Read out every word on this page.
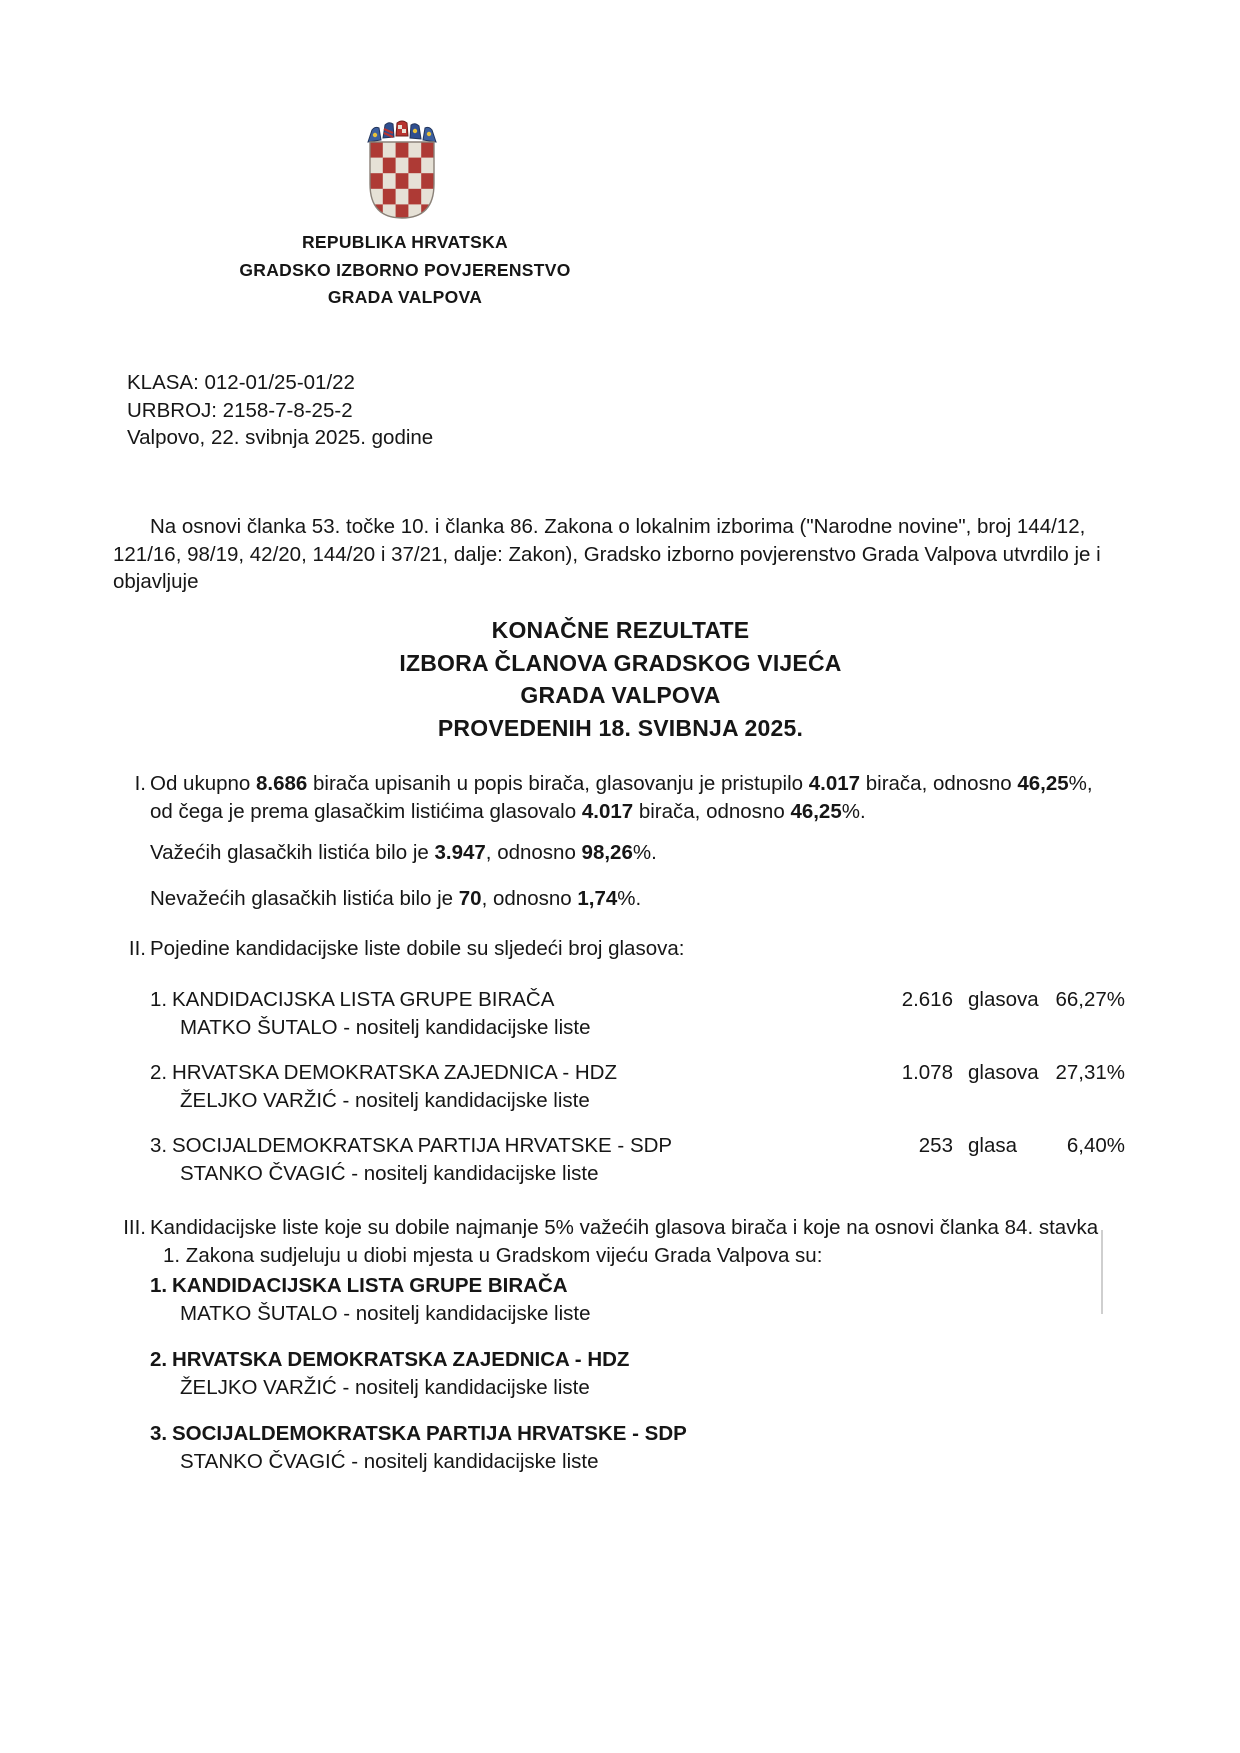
REPUBLIKA HRVATSKA
GRADSKO IZBORNO POVJERENSTVO
GRADA VALPOVA
KLASA: 012-01/25-01/22
URBROJ: 2158-7-8-25-2
Valpovo, 22. svibnja 2025. godine
Na osnovi članka 53. točke 10. i članka 86. Zakona o lokalnim izborima ("Narodne novine", broj 144/12,
121/16, 98/19, 42/20, 144/20 i 37/21, dalje: Zakon), Gradsko izborno povjerenstvo Grada Valpova utvrdilo je i
objavljuje
KONAČNE REZULTATE
IZBORA ČLANOVA GRADSKOG VIJEĆA
GRADA VALPOVA
PROVEDENIH 18. SVIBNJA 2025.
I. Od ukupno 8.686 birača upisanih u popis birača, glasovanju je pristupilo 4.017 birača, odnosno 46,25%,
od čega je prema glasačkim listićima glasovalo 4.017 birača, odnosno 46,25%.
Važećih glasačkih listića bilo je 3.947, odnosno 98,26%.
Nevažećih glasačkih listića bilo je 70, odnosno 1,74%.
II. Pojedine kandidacijske liste dobile su sljedeći broj glasova:
1. KANDIDACIJSKA LISTA GRUPE BIRAČA	2.616 glasova 66,27%
MATKO ŠUTALO - nositelj kandidacijske liste
2. HRVATSKA DEMOKRATSKA ZAJEDNICA - HDZ	1.078 glasova 27,31%
ŽELJKO VARŽIĆ - nositelj kandidacijske liste
3. SOCIJALDEMOKRATSKA PARTIJA HRVATSKE - SDP	253 glasa	6,40%
STANKO ČVAGIĆ - nositelj kandidacijske liste
III. Kandidacijske liste koje su dobile najmanje 5% važećih glasova birača i koje na osnovi članka 84. stavka
1. Zakona sudjeluju u diobi mjesta u Gradskom vijeću Grada Valpova su:
1. KANDIDACIJSKA LISTA GRUPE BIRAČA
MATKO ŠUTALO - nositelj kandidacijske liste
2. HRVATSKA DEMOKRATSKA ZAJEDNICA - HDZ
ŽELJKO VARŽIĆ - nositelj kandidacijske liste
3. SOCIJALDEMOKRATSKA PARTIJA HRVATSKE - SDP
STANKO ČVAGIĆ - nositelj kandidacijske liste
